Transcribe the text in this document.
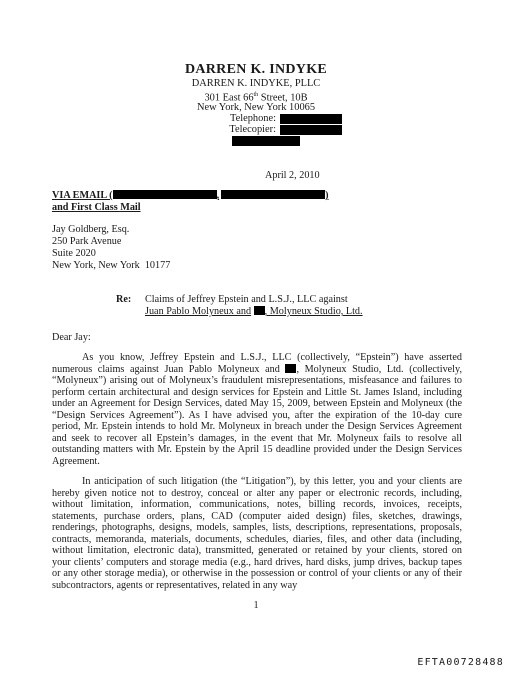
DARREN K. INDYKE
DARREN K. INDYKE, PLLC
301 East 66th Street, 10B
New York, New York 10065
Telephone:
Telecopier:
April 2, 2010
VIA EMAIL (	,	)
and First Class Mail
Jay Goldberg, Esq.
250 Park Avenue
Suite 2020
New York, New York  10177
Re: Claims of Jeffrey Epstein and L.S.J., LLC against
Juan Pablo Molyneux and , Molyneux Studio, Ltd.
Dear Jay:

As you know, Jeffrey Epstein and L.S.J., LLC (collectively, “Epstein”) have asserted numerous claims against Juan Pablo Molyneux and , Molyneux Studio, Ltd. (collectively, “Molyneux”) arising out of Molyneux’s fraudulent misrepresentations, misfeasance and failures to perform certain architectural and design services for Epstein and Little St. James Island, including under an Agreement for Design Services, dated May 15, 2009, between Epstein and Molyneux (the “Design Services Agreement”). As I have advised you, after the expiration of the 10-day cure period, Mr. Epstein intends to hold Mr. Molyneux in breach under the Design Services Agreement and seek to recover all Epstein’s damages, in the event that Mr. Molyneux fails to resolve all outstanding matters with Mr. Epstein by the April 15 deadline provided under the Design Services Agreement.

In anticipation of such litigation (the “Litigation”), by this letter, you and your clients are hereby given notice not to destroy, conceal or alter any paper or electronic records, including, without limitation, information, communications, notes, billing records, invoices, receipts, statements, purchase orders, plans, CAD (computer aided design) files, sketches, drawings, renderings, photographs, designs, models, samples, lists, descriptions, representations, proposals, contracts, memoranda, materials, documents, schedules, diaries, files, and other data (including, without limitation, electronic data), transmitted, generated or retained by your clients, stored on your clients’ computers and storage media (e.g., hard drives, hard disks, jump drives, backup tapes or any other storage media), or otherwise in the possession or control of your clients or any of their subcontractors, agents or representatives, related in any way

1
EFTA00728488
